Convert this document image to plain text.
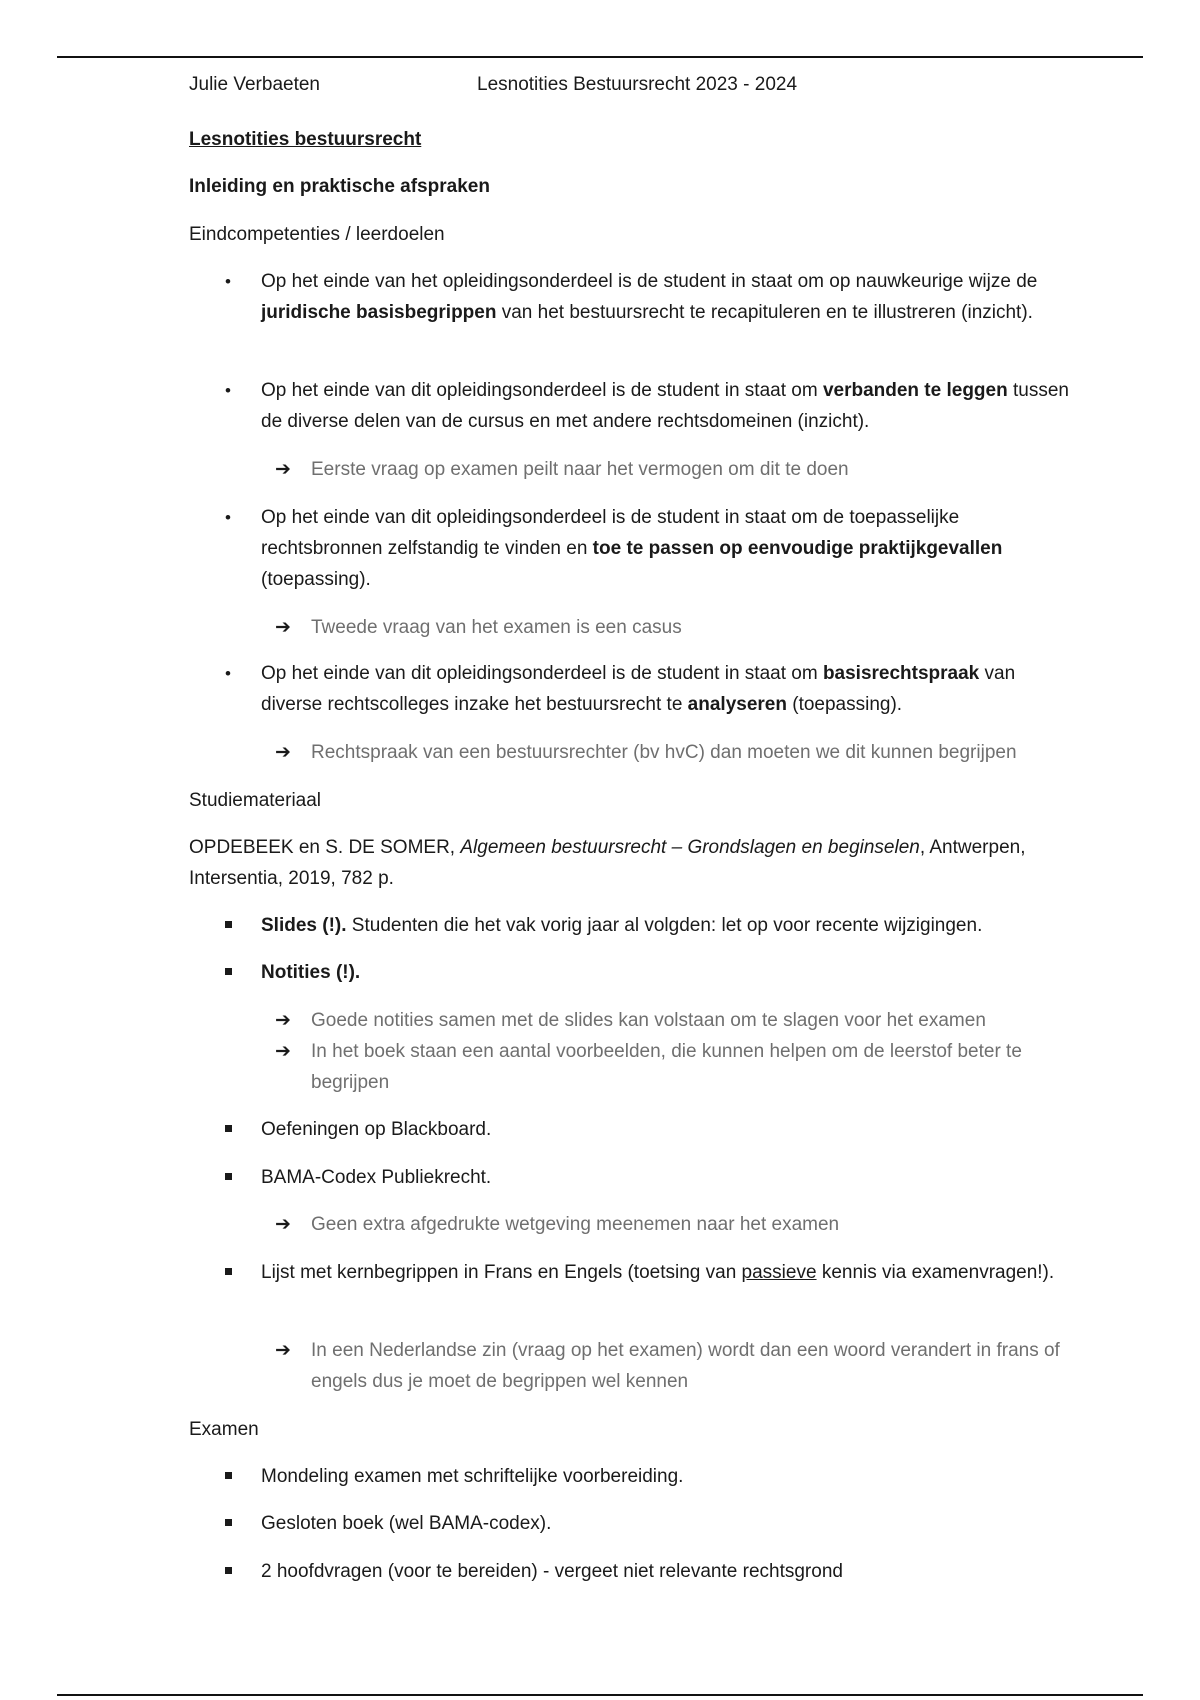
Julie Verbaeten	Lesnotities Bestuursrecht 2023 - 2024
Lesnotities bestuursrecht
Inleiding en praktische afspraken
Eindcompetenties / leerdoelen
•
Op het einde van het opleidingsonderdeel is de student in staat om op nauwkeurige wijze de juridische basisbegrippen van het bestuursrecht te recapituleren en te illustreren (inzicht).
•
Op het einde van dit opleidingsonderdeel is de student in staat om verbanden te leggen tussen de diverse delen van de cursus en met andere rechtsdomeinen (inzicht).
➔ Eerste vraag op examen peilt naar het vermogen om dit te doen
•
Op het einde van dit opleidingsonderdeel is de student in staat om de toepasselijke rechtsbronnen zelfstandig te vinden en toe te passen op eenvoudige praktijkgevallen (toepassing).
➔ Tweede vraag van het examen is een casus
•
Op het einde van dit opleidingsonderdeel is de student in staat om basisrechtspraak van diverse rechtscolleges inzake het bestuursrecht te analyseren (toepassing).
➔ Rechtspraak van een bestuursrechter (bv hvC) dan moeten we dit kunnen begrijpen
Studiemateriaal
OPDEBEEK en S. DE SOMER, Algemeen bestuursrecht – Grondslagen en beginselen, Antwerpen, Intersentia, 2019, 782 p.
Slides (!). Studenten die het vak vorig jaar al volgden: let op voor recente wijzigingen.
Notities (!).
➔ Goede notities samen met de slides kan volstaan om te slagen voor het examen
➔ In het boek staan een aantal voorbeelden, die kunnen helpen om de leerstof beter te begrijpen
Oefeningen op Blackboard.
BAMA-Codex Publiekrecht.
➔ Geen extra afgedrukte wetgeving meenemen naar het examen
Lijst met kernbegrippen in Frans en Engels (toetsing van passieve kennis via examenvragen!).
➔ In een Nederlandse zin (vraag op het examen) wordt dan een woord verandert in frans of engels dus je moet de begrippen wel kennen
Examen
Mondeling examen met schriftelijke voorbereiding.
Gesloten boek (wel BAMA-codex).
2 hoofdvragen (voor te bereiden) - vergeet niet relevante rechtsgrond
